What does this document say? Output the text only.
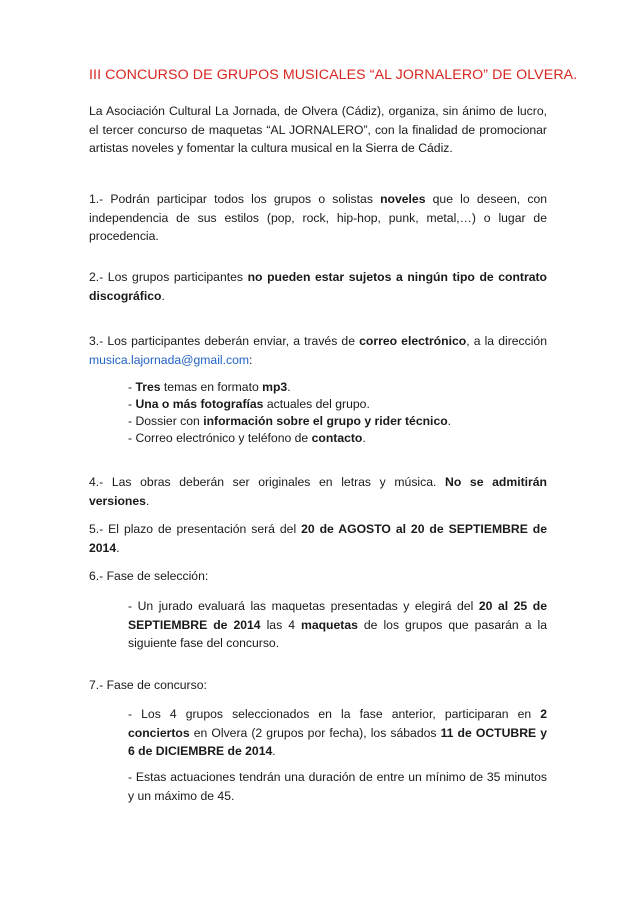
III CONCURSO DE GRUPOS MUSICALES “AL JORNALERO” DE OLVERA.

La Asociación Cultural La Jornada, de Olvera (Cádiz), organiza, sin ánimo de lucro, el tercer concurso de maquetas “AL JORNALERO”, con la finalidad de promocionar artistas noveles y fomentar la cultura musical en la Sierra de Cádiz.

1.- Podrán participar todos los grupos o solistas noveles que lo deseen, con independencia de sus estilos (pop, rock, hip-hop, punk, metal,…) o lugar de procedencia.

2.- Los grupos participantes no pueden estar sujetos a ningún tipo de contrato discográfico.

3.- Los participantes deberán enviar, a través de correo electrónico, a la dirección musica.lajornada@gmail.com:

- Tres temas en formato mp3.
- Una o más fotografías actuales del grupo.
- Dossier con información sobre el grupo y rider técnico.
- Correo electrónico y teléfono de contacto.

4.- Las obras deberán ser originales en letras y música. No se admitirán versiones.

5.- El plazo de presentación será del 20 de AGOSTO al 20 de SEPTIEMBRE de 2014.

6.- Fase de selección:

- Un jurado evaluará las maquetas presentadas y elegirá del 20 al 25 de SEPTIEMBRE de 2014 las 4 maquetas de los grupos que pasarán a la siguiente fase del concurso.

7.- Fase de concurso:

- Los 4 grupos seleccionados en la fase anterior, participaran en 2 conciertos en Olvera (2 grupos por fecha), los sábados 11 de OCTUBRE y 6 de DICIEMBRE de 2014.

- Estas actuaciones tendrán una duración de entre un mínimo de 35 minutos y un máximo de 45.
